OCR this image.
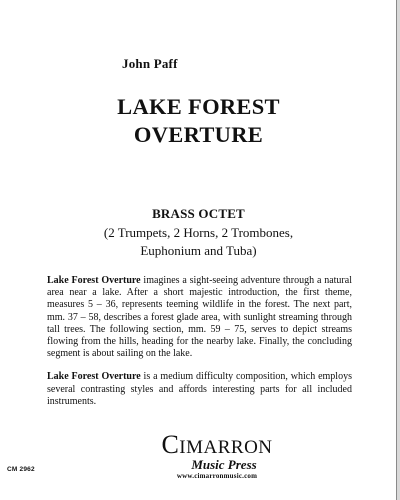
John Paff
LAKE FOREST
OVERTURE
BRASS OCTET
(2 Trumpets, 2 Horns, 2 Trombones,
Euphonium and Tuba)

Lake Forest Overture imagines a sight-seeing adventure through a natural area near a lake. After a short majestic introduction, the first theme, measures 5 – 36, represents teeming wildlife in the forest. The next part, mm. 37 – 58, describes a forest glade area, with sunlight streaming through tall trees. The following section, mm. 59 – 75, serves to depict streams flowing from the hills, heading for the nearby lake. Finally, the concluding segment is about sailing on the lake.

Lake Forest Overture is a medium difficulty composition, which employs several contrasting styles and affords interesting parts for all included instruments.

CIMARRON
Music Press
www.cimarronmusic.com
CM 2962
